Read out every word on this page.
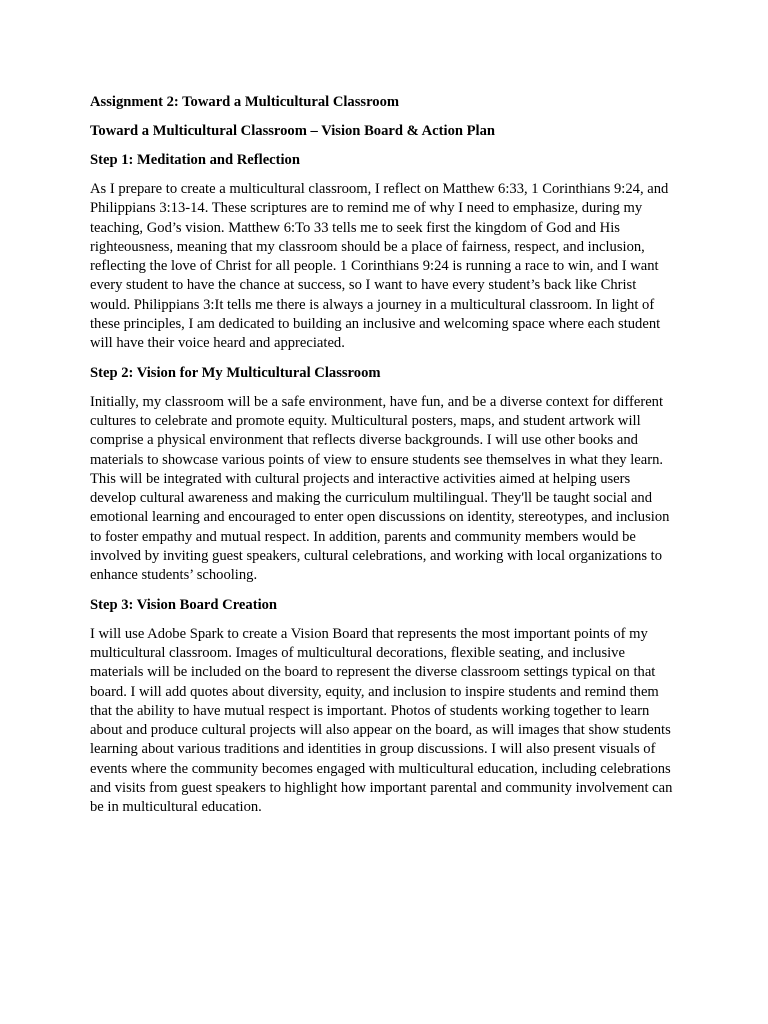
Assignment 2: Toward a Multicultural Classroom
Toward a Multicultural Classroom – Vision Board & Action Plan
Step 1: Meditation and Reflection

As I prepare to create a multicultural classroom, I reflect on Matthew 6:33, 1 Corinthians 9:24, and Philippians 3:13-14. These scriptures are to remind me of why I need to emphasize, during my teaching, God’s vision. Matthew 6:To 33 tells me to seek first the kingdom of God and His righteousness, meaning that my classroom should be a place of fairness, respect, and inclusion, reflecting the love of Christ for all people. 1 Corinthians 9:24 is running a race to win, and I want every student to have the chance at success, so I want to have every student’s back like Christ would. Philippians 3:It tells me there is always a journey in a multicultural classroom. In light of these principles, I am dedicated to building an inclusive and welcoming space where each student will have their voice heard and appreciated.

Step 2: Vision for My Multicultural Classroom

Initially, my classroom will be a safe environment, have fun, and be a diverse context for different cultures to celebrate and promote equity. Multicultural posters, maps, and student artwork will comprise a physical environment that reflects diverse backgrounds. I will use other books and materials to showcase various points of view to ensure students see themselves in what they learn. This will be integrated with cultural projects and interactive activities aimed at helping users develop cultural awareness and making the curriculum multilingual. They'll be taught social and emotional learning and encouraged to enter open discussions on identity, stereotypes, and inclusion to foster empathy and mutual respect. In addition, parents and community members would be involved by inviting guest speakers, cultural celebrations, and working with local organizations to enhance students’ schooling.

Step 3: Vision Board Creation

I will use Adobe Spark to create a Vision Board that represents the most important points of my multicultural classroom. Images of multicultural decorations, flexible seating, and inclusive materials will be included on the board to represent the diverse classroom settings typical on that board. I will add quotes about diversity, equity, and inclusion to inspire students and remind them that the ability to have mutual respect is important. Photos of students working together to learn about and produce cultural projects will also appear on the board, as will images that show students learning about various traditions and identities in group discussions. I will also present visuals of events where the community becomes engaged with multicultural education, including celebrations and visits from guest speakers to highlight how important parental and community involvement can be in multicultural education.
